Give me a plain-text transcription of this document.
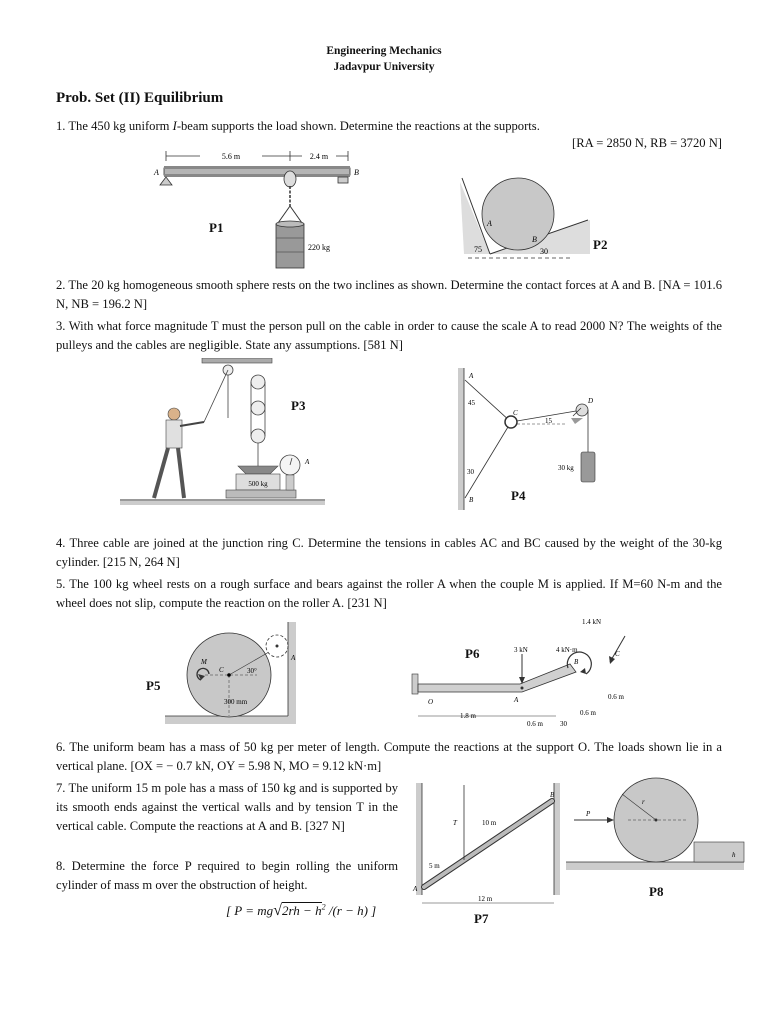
Engineering Mechanics
Jadavpur University
Prob. Set (II) Equilibrium
1. The 450 kg uniform I-beam supports the load shown. Determine the reactions at the supports.
[RA = 2850 N, RB = 3720 N]
5.6 m	2.4 m
A	B
220 kg
P1	A
B
75	30	P2
2. The 20 kg homogeneous smooth sphere rests on the two inclines as shown. Determine the contact forces at A and B. [NA = 101.6 N, NB = 196.2 N]
3. With what force magnitude T must the person pull on the cable in order to cause the scale A to read 2000 N? The weights of the pulleys and the cables are negligible. State any assumptions. [581 N]
500 kg
A
P3
A
45
30
B
C
15
D
30 kg
P4
4. Three cable are joined at the junction ring C. Determine the tensions in cables AC and BC caused by the weight of the 30-kg cylinder. [215 N, 264 N]
5. The 100 kg wheel rests on a rough surface and bears against the roller A when the couple M is applied. If M=60 N-m and the wheel does not slip, compute the reaction on the roller A. [231 N]
C	30°
M
300 mm
A
P5
O
3 kN
A
4 kN·m
B
1.4 kN
C
1.8 m
0.6 m 30
0.6 m
0.6 m
P6
6. The uniform beam has a mass of 50 kg per meter of length. Compute the reactions at the support O. The loads shown lie in a vertical plane. [OX = − 0.7 kN, OY = 5.98 N, MO = 9.12 kN·m]
7. The uniform 15 m pole has a mass of 150 kg and is supported by its smooth ends against the vertical walls and by tension T in the vertical cable. Compute the reactions at A and B. [327 N]
8. Determine the force P required to begin rolling the uniform cylinder of mass m over the obstruction of height.
[ $P = mg√2rh - h^2$ /(r − h) ]
T	10 m
5 m
A
B
12 m
P7
r
P
h
P8
